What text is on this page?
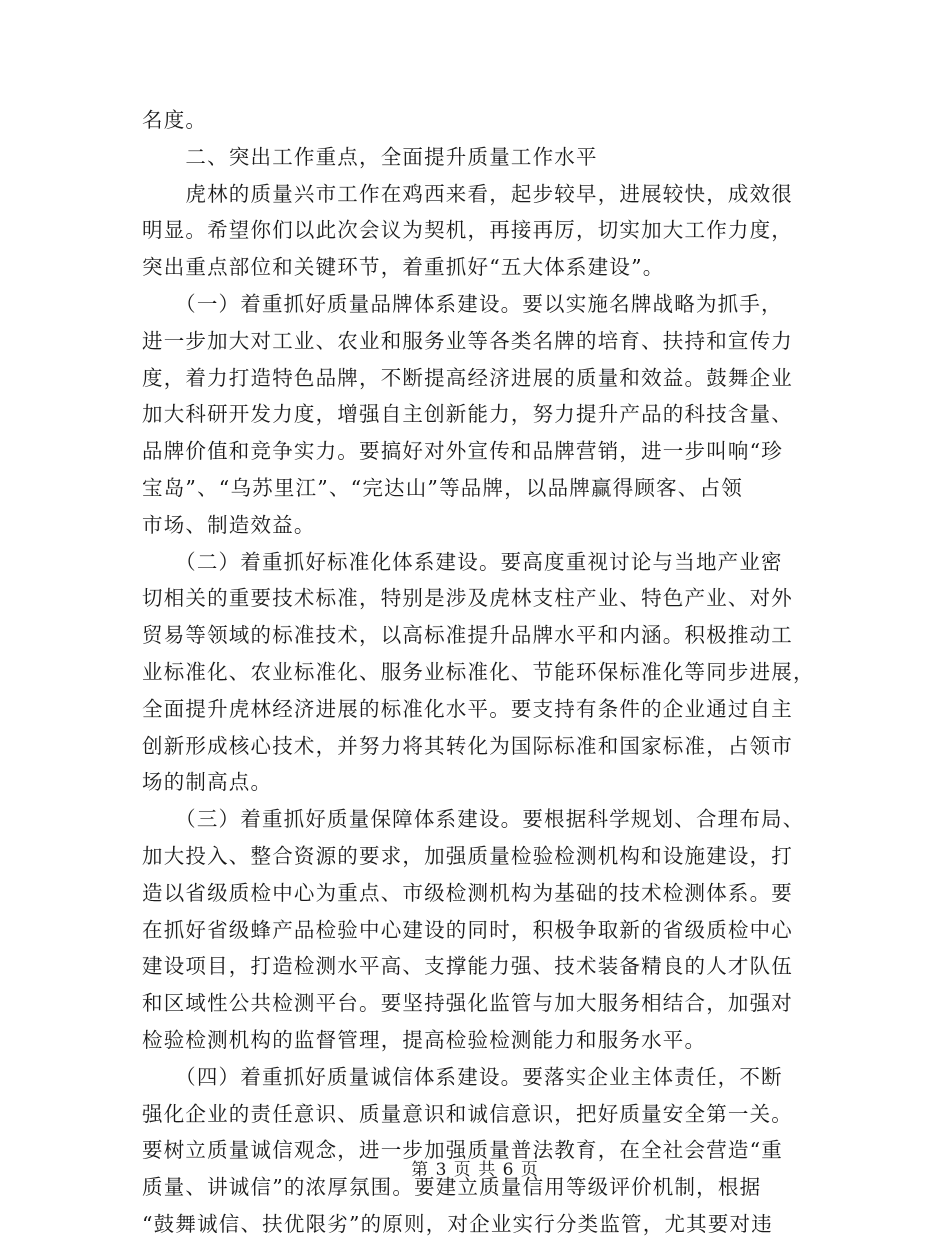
名度。
　　二、突出工作重点，全面提升质量工作水平
　　虎林的质量兴市工作在鸡西来看，起步较早，进展较快，成效很
明显。希望你们以此次会议为契机，再接再厉，切实加大工作力度，
突出重点部位和关键环节，着重抓好“五大体系建设”。
　　（一）着重抓好质量品牌体系建设。要以实施名牌战略为抓手，
进一步加大对工业、农业和服务业等各类名牌的培育、扶持和宣传力
度，着力打造特色品牌，不断提高经济进展的质量和效益。鼓舞企业
加大科研开发力度，增强自主创新能力，努力提升产品的科技含量、
品牌价值和竞争实力。要搞好对外宣传和品牌营销，进一步叫响“珍
宝岛”、“乌苏里江”、“完达山”等品牌，以品牌赢得顾客、占领
市场、制造效益。
　　（二）着重抓好标准化体系建设。要高度重视讨论与当地产业密
切相关的重要技术标准，特别是涉及虎林支柱产业、特色产业、对外
贸易等领域的标准技术，以高标准提升品牌水平和内涵。积极推动工
业标准化、农业标准化、服务业标准化、节能环保标准化等同步进展，
全面提升虎林经济进展的标准化水平。要支持有条件的企业通过自主
创新形成核心技术，并努力将其转化为国际标准和国家标准，占领市
场的制高点。
　　（三）着重抓好质量保障体系建设。要根据科学规划、合理布局、
加大投入、整合资源的要求，加强质量检验检测机构和设施建设，打
造以省级质检中心为重点、市级检测机构为基础的技术检测体系。要
在抓好省级蜂产品检验中心建设的同时，积极争取新的省级质检中心
建设项目，打造检测水平高、支撑能力强、技术装备精良的人才队伍
和区域性公共检测平台。要坚持强化监管与加大服务相结合，加强对
检验检测机构的监督管理，提高检验检测能力和服务水平。
　　（四）着重抓好质量诚信体系建设。要落实企业主体责任，不断
强化企业的责任意识、质量意识和诚信意识，把好质量安全第一关。
要树立质量诚信观念，进一步加强质量普法教育，在全社会营造“重
质量、讲诚信”的浓厚氛围。要建立质量信用等级评价机制，根据
“鼓舞诚信、扶优限劣”的原则，对企业实行分类监管，尤其要对违
第 3 页 共 6 页
